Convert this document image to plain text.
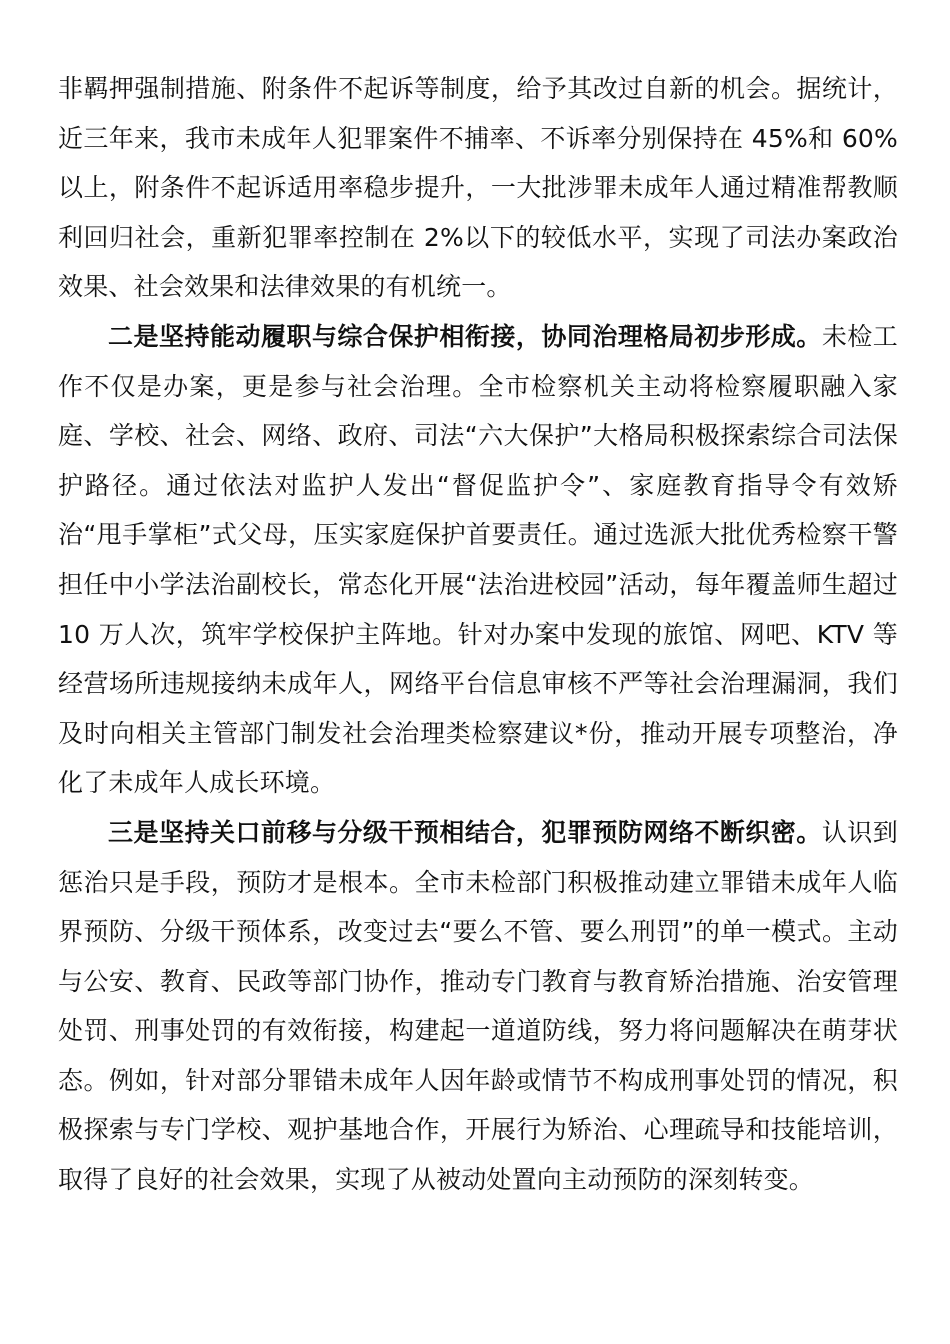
非羁押强制措施、附条件不起诉等制度，给予其改过自新的机会。据统计，近三年来，我市未成年人犯罪案件不捕率、不诉率分别保持在 45%和 60%以上，附条件不起诉适用率稳步提升，一大批涉罪未成年人通过精准帮教顺利回归社会，重新犯罪率控制在 2%以下的较低水平，实现了司法办案政治效果、社会效果和法律效果的有机统一。

二是坚持能动履职与综合保护相衔接，协同治理格局初步形成。未检工作不仅是办案，更是参与社会治理。全市检察机关主动将检察履职融入家庭、学校、社会、网络、政府、司法“六大保护”大格局积极探索综合司法保护路径。通过依法对监护人发出“督促监护令”、家庭教育指导令有效矫治“甩手掌柜”式父母，压实家庭保护首要责任。通过选派大批优秀检察干警担任中小学法治副校长，常态化开展“法治进校园”活动，每年覆盖师生超过 10 万人次，筑牢学校保护主阵地。针对办案中发现的旅馆、网吧、KTV 等经营场所违规接纳未成年人，网络平台信息审核不严等社会治理漏洞，我们及时向相关主管部门制发社会治理类检察建议*份，推动开展专项整治，净化了未成年人成长环境。

三是坚持关口前移与分级干预相结合，犯罪预防网络不断织密。认识到惩治只是手段，预防才是根本。全市未检部门积极推动建立罪错未成年人临界预防、分级干预体系，改变过去“要么不管、要么刑罚”的单一模式。主动与公安、教育、民政等部门协作，推动专门教育与教育矫治措施、治安管理处罚、刑事处罚的有效衔接，构建起一道道防线，努力将问题解决在萌芽状态。例如，针对部分罪错未成年人因年龄或情节不构成刑事处罚的情况，积极探索与专门学校、观护基地合作，开展行为矫治、心理疏导和技能培训，取得了良好的社会效果，实现了从被动处置向主动预防的深刻转变。
